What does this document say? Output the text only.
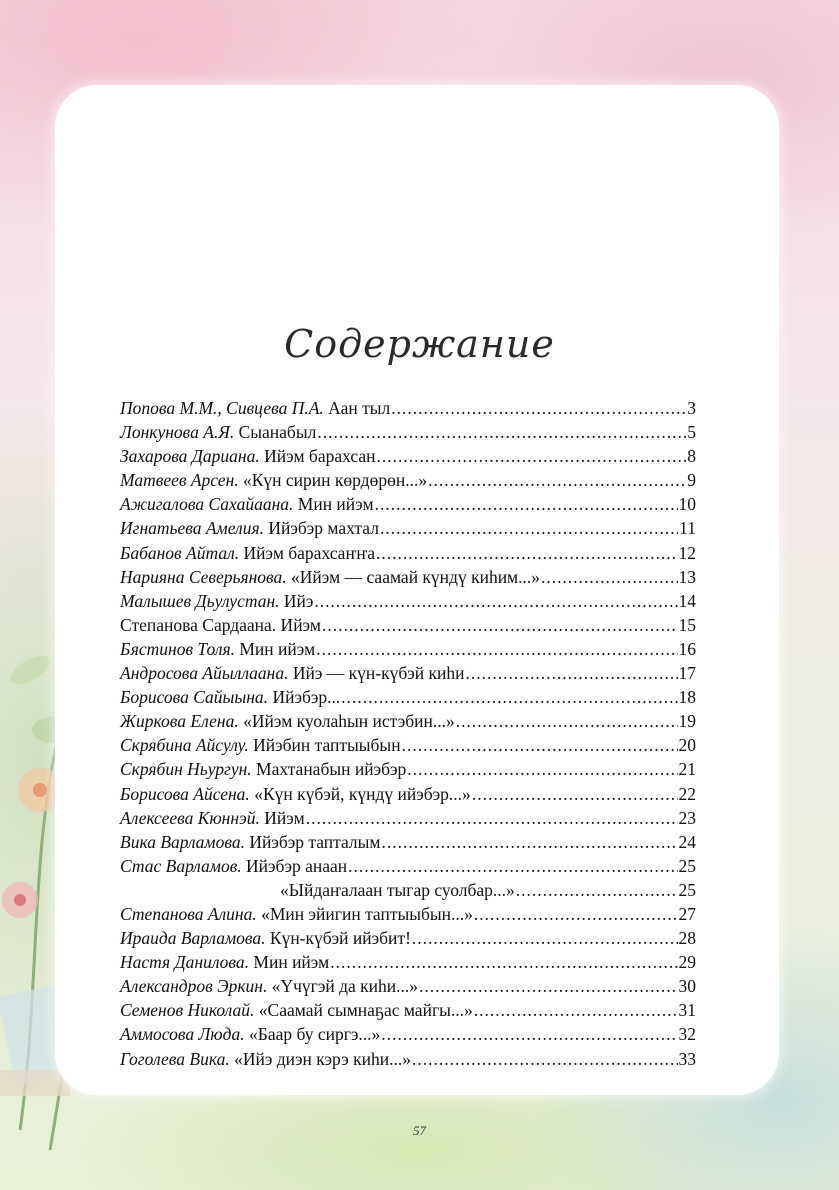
Содержание
Попова М.М., Сивцева П.А. Аан тыл .....	3
Лонкунова А.Я. Сыанабыл .....	5
Захарова Дариана. Ийэм барахсан .....	8
Матвеев Арсен. «Күн сирин көрдөрөн...» .....	9
Ажигалова Сахайаана. Мин ийэм .....	10
Игнатьева Амелия. Ийэбэр махтал .....	11
Бабанов Айтал. Ийэм барахсаҥҥа .....	12
Нарияна Северьянова. «Ийэм — саамай күндү киһим...» .....	13
Малышев Дьулустан. Ийэ .....	14
Степанова Сардаана. Ийэм .....	15
Бястинов Толя. Мин ийэм .....	16
Андросова Айыллаана. Ийэ — күн-күбэй киһи .....	17
Борисова Сайыына. Ийэбэр... .....	18
Жиркова Елена. «Ийэм куолаһын истэбин...» .....	19
Скрябина Айсулу. Ийэбин таптыыбын .....	20
Скрябин Ньургун. Махтанабын ийэбэр .....	21
Борисова Айсена. «Күн күбэй, күндү ийэбэр...» .....	22
Алексеева Кюннэй. Ийэм .....	23
Вика Варламова. Ийэбэр тапталым .....	24
Стас Варламов. Ийэбэр анаан .....	25
«Ыйдаҥалаан тыгар суолбар...» .....	25
Степанова Алина. «Мин эйигин таптыыбын...» .....	27
Ираида Варламова. Күн-күбэй ийэбит! .....	28
Настя Данилова. Мин ийэм .....	29
Александров Эркин. «Үчүгэй да киһи...» .....	30
Семенов Николай. «Саамай сымнаҕас майгы...» .....	31
Аммосова Люда. «Баар бу сиргэ...» .....	32
Гоголева Вика. «Ийэ диэн кэрэ киһи...» .....	33
57
